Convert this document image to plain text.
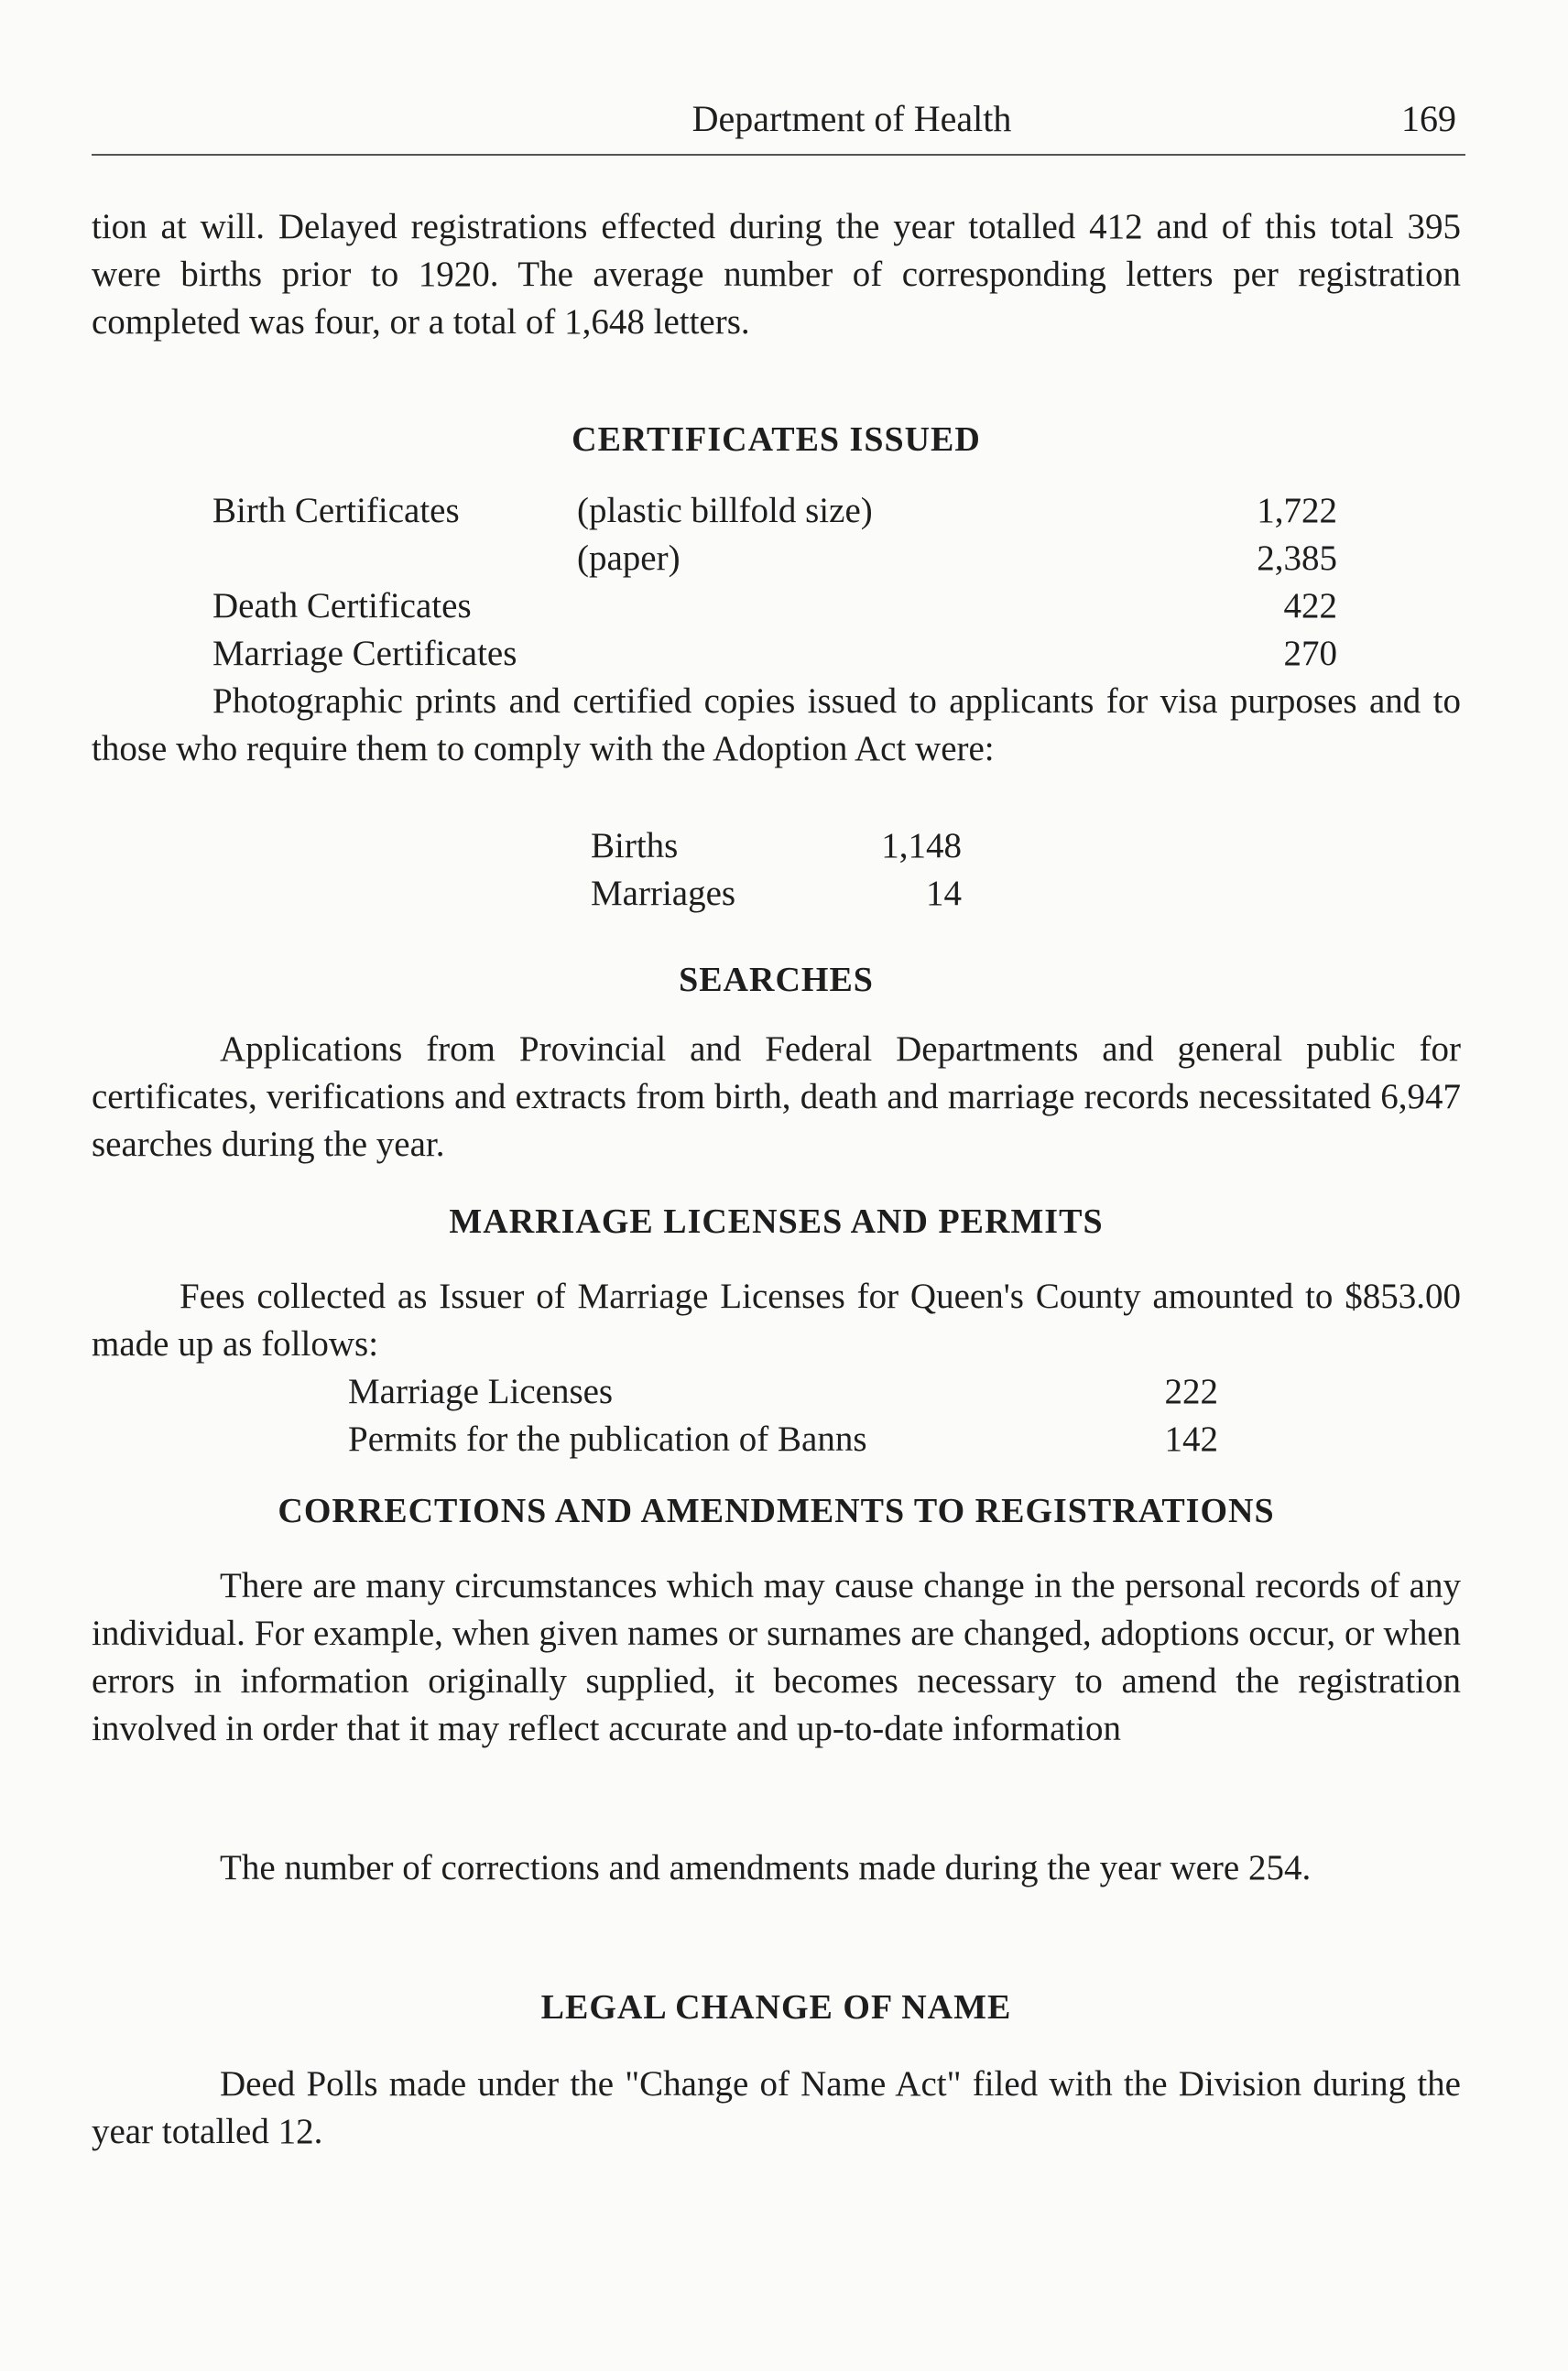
Department of Health	169

tion at will. Delayed registrations effected during the year totalled 412 and of this total 395 were births prior to 1920. The average number of corresponding letters per registration completed was four, or a total of 1,648 letters.

CERTIFICATES ISSUED
Birth Certificates	(plastic billfold size)	1,722
(paper)	2,385
Death Certificates	422
Marriage Certificates	270

Photographic prints and certified copies issued to applicants for visa purposes and to those who require them to comply with the Adoption Act were:

Births	1,148
Marriages	14
SEARCHES

Applications from Provincial and Federal Departments and general public for certificates, verifications and extracts from birth, death and marriage records necessitated 6,947 searches during the year.

MARRIAGE LICENSES AND PERMITS

Fees collected as Issuer of Marriage Licenses for Queen's County amounted to $853.00 made up as follows:

Marriage Licenses	222
Permits for the publication of Banns	142
CORRECTIONS AND AMENDMENTS TO REGISTRATIONS

There are many circumstances which may cause change in the personal records of any individual. For example, when given names or surnames are changed, adoptions occur, or when errors in information originally supplied, it becomes necessary to amend the registration involved in order that it may reflect accurate and up-to-date information

The number of corrections and amendments made during the year were 254.

LEGAL CHANGE OF NAME

Deed Polls made under the "Change of Name Act" filed with the Division during the year totalled 12.
